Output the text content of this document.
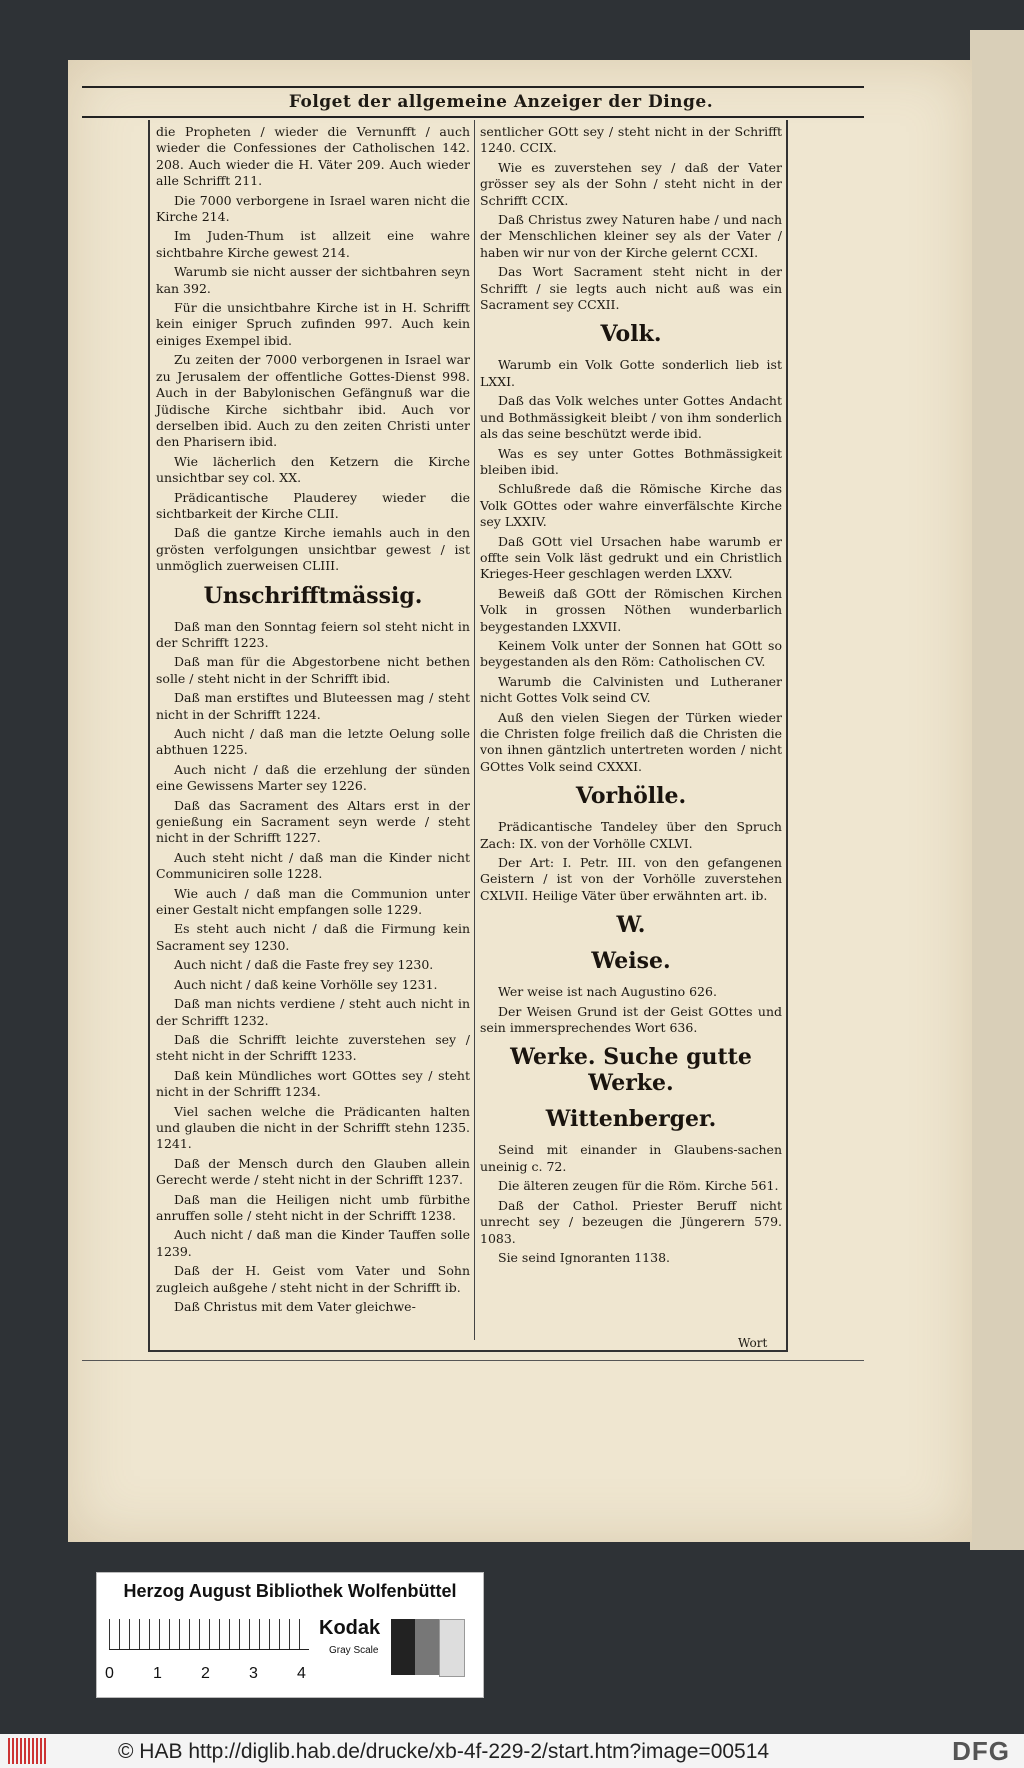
Folget der allgemeine Anzeiger der Dinge.

die Propheten / wieder die Vernunfft / auch wieder die Confessiones der Catholischen 142. 208. Auch wieder die H. Väter 209. Auch wieder alle Schrifft 211.

Die 7000 verborgene in Israel waren nicht die Kirche 214.

Im Juden-Thum ist allzeit eine wahre sichtbahre Kirche gewest 214.

Warumb sie nicht ausser der sichtbahren seyn kan 392.

Für die unsichtbahre Kirche ist in H. Schrifft kein einiger Spruch zufinden 997. Auch kein einiges Exempel ibid.

Zu zeiten der 7000 verborgenen in Israel war zu Jerusalem der offentliche Gottes-Dienst 998. Auch in der Babylonischen Gefängnuß war die Jüdische Kirche sichtbahr ibid. Auch vor derselben ibid. Auch zu den zeiten Christi unter den Pharisern ibid.

Wie lächerlich den Ketzern die Kirche unsichtbar sey col. XX.

Prädicantische Plauderey wieder die sichtbarkeit der Kirche CLII.

Daß die gantze Kirche iemahls auch in den grösten verfolgungen unsichtbar gewest / ist unmöglich zuerweisen CLIII.

Unschrifftmässig.

Daß man den Sonntag feiern sol steht nicht in der Schrifft 1223.

Daß man für die Abgestorbene nicht bethen solle / steht nicht in der Schrifft ibid.

Daß man erstiftes und Bluteessen mag / steht nicht in der Schrifft 1224.

Auch nicht / daß man die letzte Oelung solle abthuen 1225.

Auch nicht / daß die erzehlung der sünden eine Gewissens Marter sey 1226.

Daß das Sacrament des Altars erst in der genießung ein Sacrament seyn werde / steht nicht in der Schrifft 1227.

Auch steht nicht / daß man die Kinder nicht Communiciren solle 1228.

Wie auch / daß man die Communion unter einer Gestalt nicht empfangen solle 1229.

Es steht auch nicht / daß die Firmung kein Sacrament sey 1230.

Auch nicht / daß die Faste frey sey 1230.

Auch nicht / daß keine Vorhölle sey 1231.

Daß man nichts verdiene / steht auch nicht in der Schrifft 1232.

Daß die Schrifft leichte zuverstehen sey / steht nicht in der Schrifft 1233.

Daß kein Mündliches wort GOttes sey / steht nicht in der Schrifft 1234.

Viel sachen welche die Prädicanten halten und glauben die nicht in der Schrifft stehn 1235. 1241.

Daß der Mensch durch den Glauben allein Gerecht werde / steht nicht in der Schrifft 1237.

Daß man die Heiligen nicht umb fürbithe anruffen solle / steht nicht in der Schrifft 1238.

Auch nicht / daß man die Kinder Tauffen solle 1239.

Daß der H. Geist vom Vater und Sohn zugleich außgehe / steht nicht in der Schrifft ib.

Daß Christus mit dem Vater gleichwe-

sentlicher GOtt sey / steht nicht in der Schrifft 1240. CCIX.

Wie es zuverstehen sey / daß der Vater grösser sey als der Sohn / steht nicht in der Schrifft CCIX.

Daß Christus zwey Naturen habe / und nach der Menschlichen kleiner sey als der Vater / haben wir nur von der Kirche gelernt CCXI.

Das Wort Sacrament steht nicht in der Schrifft / sie legts auch nicht auß was ein Sacrament sey CCXII.

Volk.

Warumb ein Volk Gotte sonderlich lieb ist LXXI.

Daß das Volk welches unter Gottes Andacht und Bothmässigkeit bleibt / von ihm sonderlich als das seine beschützt werde ibid.

Was es sey unter Gottes Bothmässigkeit bleiben ibid.

Schlußrede daß die Römische Kirche das Volk GOttes oder wahre einverfälschte Kirche sey LXXIV.

Daß GOtt viel Ursachen habe warumb er offte sein Volk läst gedrukt und ein Christlich Krieges-Heer geschlagen werden LXXV.

Beweiß daß GOtt der Römischen Kirchen Volk in grossen Nöthen wunderbarlich beygestanden LXXVII.

Keinem Volk unter der Sonnen hat GOtt so beygestanden als den Röm: Catholischen CV.

Warumb die Calvinisten und Lutheraner nicht Gottes Volk seind CV.

Auß den vielen Siegen der Türken wieder die Christen folge freilich daß die Christen die von ihnen gäntzlich untertreten worden / nicht GOttes Volk seind CXXXI.

Vorhölle.

Prädicantische Tandeley über den Spruch Zach: IX. von der Vorhölle CXLVI.

Der Art: I. Petr. III. von den gefangenen Geistern / ist von der Vorhölle zuverstehen CXLVII. Heilige Väter über erwähnten art. ib.

W.
Weise.

Wer weise ist nach Augustino 626.

Der Weisen Grund ist der Geist GOttes und sein immersprechendes Wort 636.

Werke. Suche gutte Werke.
Wittenberger.

Seind mit einander in Glaubens-sachen uneinig c. 72.

Die älteren zeugen für die Röm. Kirche 561.

Daß der Cathol. Priester Beruff nicht unrecht sey / bezeugen die Jüngerern 579. 1083.

Sie seind Ignoranten 1138.

Wort
Herzog August Bibliothek Wolfenbüttel
0 1 2 3 4
Kodak
Gray Scale
© HAB http://diglib.hab.de/drucke/xb-4f-229-2/start.htm?image=00514	DFG
